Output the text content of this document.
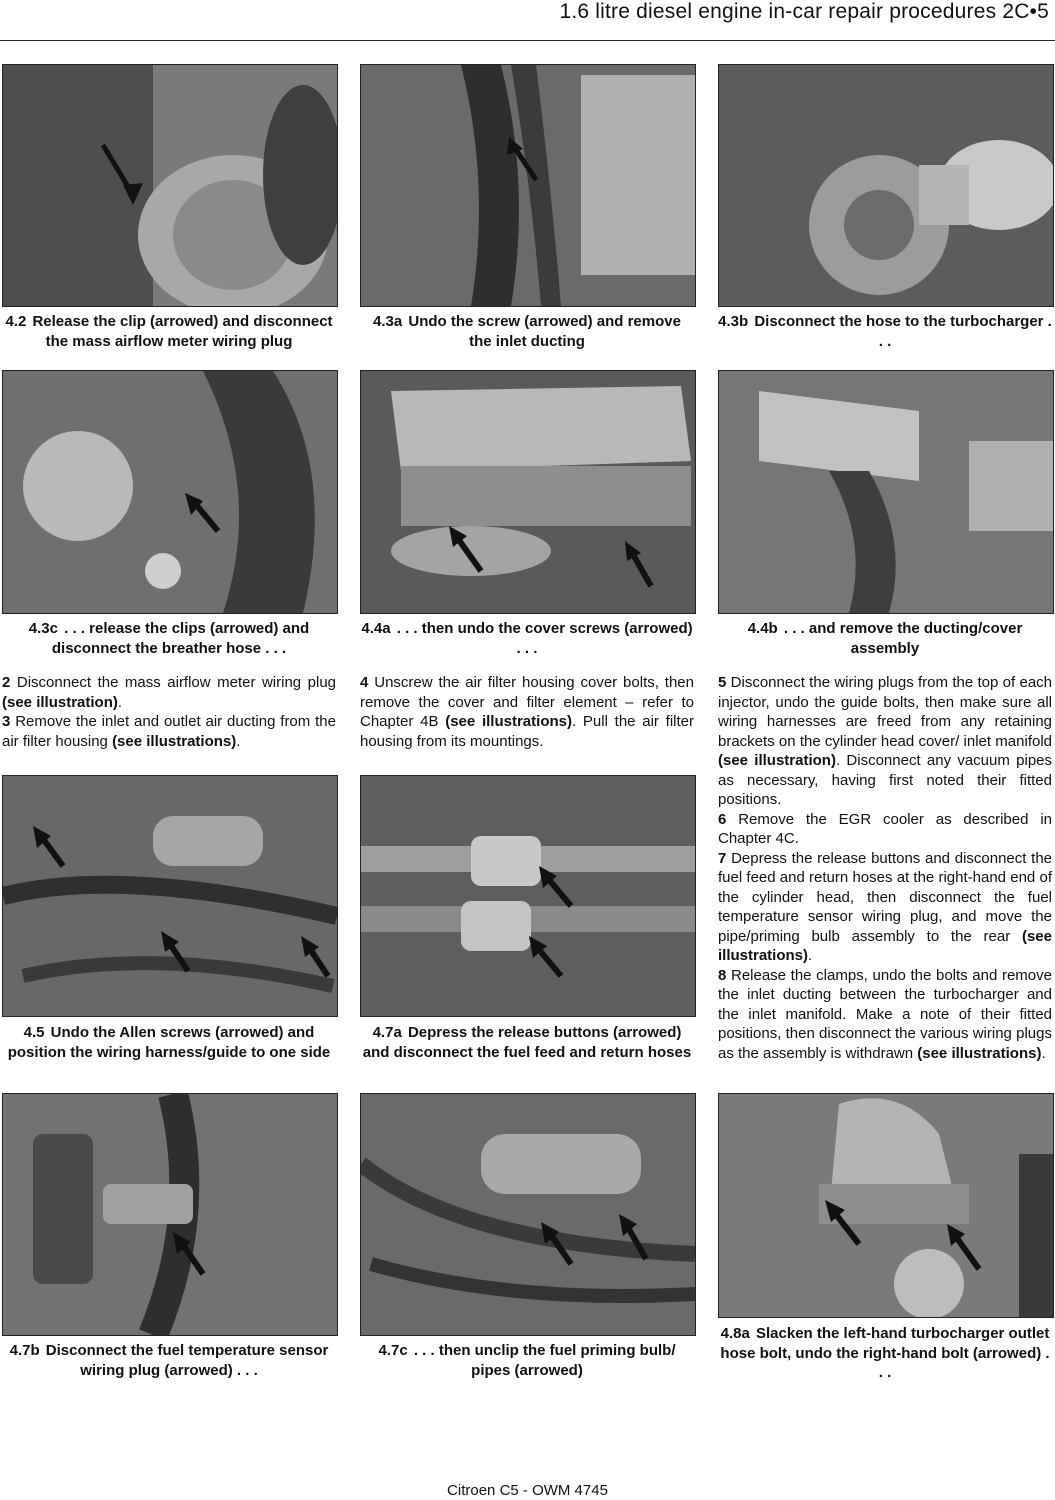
1.6 litre diesel engine in-car repair procedures 2C•5
4.2 Release the clip (arrowed) and disconnect the mass airflow meter wiring plug
4.3a Undo the screw (arrowed) and remove the inlet ducting
4.3b Disconnect the hose to the turbocharger . . .
4.3c . . . release the clips (arrowed) and disconnect the breather hose . . .
4.4a . . . then undo the cover screws (arrowed) . . .
4.4b . . . and remove the ducting/cover assembly

2 Disconnect the mass airflow meter wiring plug (see illustration).

3 Remove the inlet and outlet air ducting from the air filter housing (see illustrations).

4 Unscrew the air filter housing cover bolts, then remove the cover and filter element – refer to Chapter 4B (see illustrations). Pull the air filter housing from its mountings.

5 Disconnect the wiring plugs from the top of each injector, undo the guide bolts, then make sure all wiring harnesses are freed from any retaining brackets on the cylinder head cover/ inlet manifold (see illustration). Disconnect any vacuum pipes as necessary, having first noted their fitted positions.

6 Remove the EGR cooler as described in Chapter 4C.

7 Depress the release buttons and disconnect the fuel feed and return hoses at the right-hand end of the cylinder head, then disconnect the fuel temperature sensor wiring plug, and move the pipe/priming bulb assembly to the rear (see illustrations).

8 Release the clamps, undo the bolts and remove the inlet ducting between the turbocharger and the inlet manifold. Make a note of their fitted positions, then disconnect the various wiring plugs as the assembly is withdrawn (see illustrations).

4.5 Undo the Allen screws (arrowed) and position the wiring harness/guide to one side
4.7a Depress the release buttons (arrowed) and disconnect the fuel feed and return hoses
4.7b Disconnect the fuel temperature sensor wiring plug (arrowed) . . .
4.7c . . . then unclip the fuel priming bulb/ pipes (arrowed)
4.8a Slacken the left-hand turbocharger outlet hose bolt, undo the right-hand bolt (arrowed) . . .
Citroen C5 - OWM 4745
